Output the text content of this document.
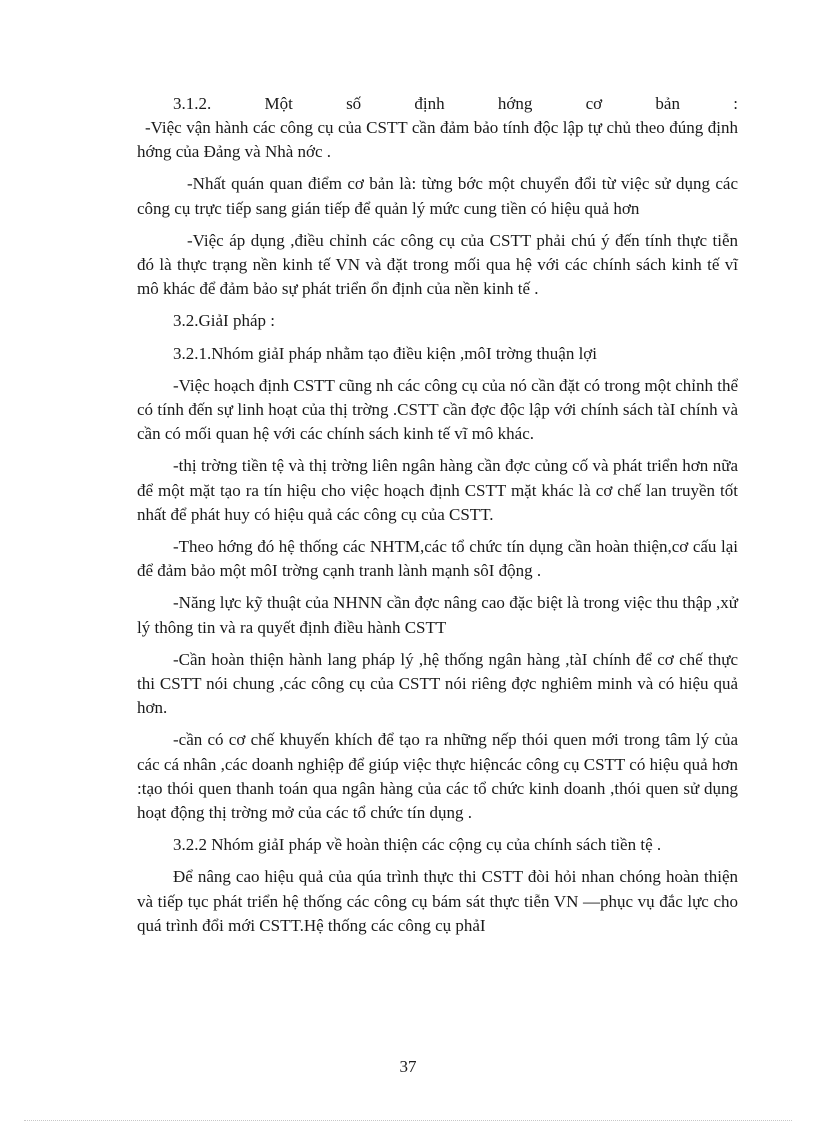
3.1.2.	Một	số	định	hớng	cơ	bản	:

-Việc vận hành các công cụ của CSTT cần đảm bảo tính độc lập tự chủ theo đúng định hớng của Đảng và Nhà nớc .

-Nhất quán quan điểm cơ bản là: từng bớc một chuyển đổi từ việc sử dụng các công cụ trực tiếp sang gián tiếp để quản lý mức cung tiền có hiệu quả hơn

-Việc áp dụng ,điều chỉnh các công cụ của CSTT phải chú ý đến tính thực tiễn đó là thực trạng nền kinh tế VN và đặt trong mối qua hệ với các chính sách kinh tế vĩ mô khác để đảm bảo sự phát triển ổn định của nền kinh tế .

3.2.GiảI pháp :

3.2.1.Nhóm giảI pháp nhằm tạo điều kiện ,môI trờng thuận lợi

-Việc hoạch định CSTT cũng nh các công cụ của nó cần đặt có trong một chỉnh thể có tính đến sự linh hoạt của thị trờng .CSTT cần đợc độc lập với chính sách tàI chính và cần có mối quan hệ với các chính sách kinh tế vĩ mô khác.

-thị trờng tiền tệ và thị trờng liên ngân hàng cần đợc củng cố và phát triển hơn nữa để một mặt tạo ra tín hiệu cho việc hoạch định CSTT mặt khác là cơ chế lan truyền tốt nhất để phát huy có hiệu quả các công cụ của CSTT.

-Theo hớng đó hệ thống các NHTM,các tổ chức tín dụng cần hoàn thiện,cơ cấu lại để đảm bảo một môI trờng cạnh tranh lành mạnh sôI động .

-Năng lực kỹ thuật của NHNN cần đợc nâng cao đặc biệt là trong việc thu thập ,xử lý thông tin và ra quyết định điều hành CSTT

-Cần hoàn thiện hành lang pháp lý ,hệ thống ngân hàng ,tàI chính để cơ chế thực thi CSTT nói chung ,các công cụ của CSTT nói riêng đợc nghiêm minh và có hiệu quả hơn.

-cần có cơ chế khuyến khích để tạo ra những nếp thói quen mới trong tâm lý của các cá nhân ,các doanh nghiệp để giúp việc thực hiệncác công cụ CSTT có hiệu quả hơn :tạo thói quen thanh toán qua ngân hàng của các tổ chức kinh doanh ,thói quen sử dụng hoạt động thị trờng mở của các tổ chức tín dụng .

3.2.2 Nhóm giảI pháp về hoàn thiện các cộng cụ của chính sách tiền tệ .

Để nâng cao hiệu quả của qúa trình thực thi CSTT đòi hỏi nhan chóng hoàn thiện và tiếp tục phát triển hệ thống các công cụ bám sát thực tiễn VN —phục vụ đắc lực cho quá trình đổi mới CSTT.Hệ thống các công cụ phảI

37
